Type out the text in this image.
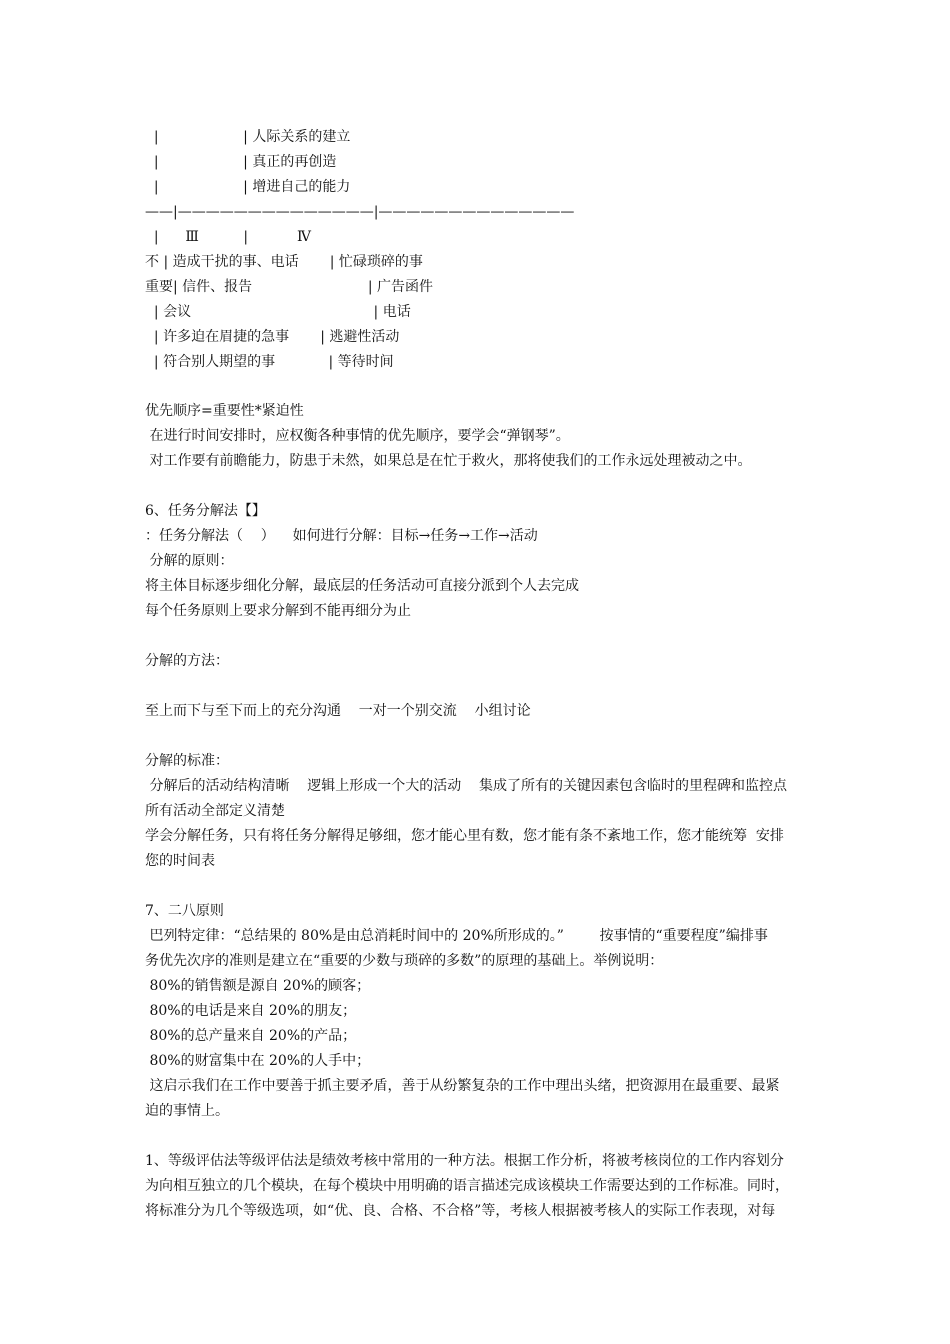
|                   | 人际关系的建立
|                   | 真正的再创造
|                   | 增进自己的能力
——|——————————————|——————————————
|      Ⅲ          |           Ⅳ
不 | 造成干扰的事、电话       | 忙碌琐碎的事
重要| 信件、报告                          | 广告函件
| 会议                                         | 电话
| 许多迫在眉捷的急事       | 逃避性活动
| 符合别人期望的事            | 等待时间
优先顺序=重要性*紧迫性
在进行时间安排时，应权衡各种事情的优先顺序，要学会“弹钢琴”。
对工作要有前瞻能力，防患于未然，如果总是在忙于救火，那将使我们的工作永远处理被动之中。
6、任务分解法【】
：任务分解法（    ）    如何进行分解：目标→任务→工作→活动
分解的原则：
将主体目标逐步细化分解，最底层的任务活动可直接分派到个人去完成
每个任务原则上要求分解到不能再细分为止
分解的方法：
至上而下与至下而上的充分沟通    一对一个别交流    小组讨论
分解的标准：
分解后的活动结构清晰    逻辑上形成一个大的活动    集成了所有的关键因素包含临时的里程碑和监控点
所有活动全部定义清楚
学会分解任务，只有将任务分解得足够细，您才能心里有数，您才能有条不紊地工作，您才能统筹  安排
您的时间表
7、二八原则
巴列特定律：“总结果的 80%是由总消耗时间中的 20%所形成的。”        按事情的“重要程度”编排事
务优先次序的准则是建立在“重要的少数与琐碎的多数”的原理的基础上。举例说明：
80%的销售额是源自 20%的顾客；
80%的电话是来自 20%的朋友；
80%的总产量来自 20%的产品；
80%的财富集中在 20%的人手中；
这启示我们在工作中要善于抓主要矛盾，善于从纷繁复杂的工作中理出头绪，把资源用在最重要、最紧
迫的事情上。
1、等级评估法等级评估法是绩效考核中常用的一种方法。根据工作分析，将被考核岗位的工作内容划分
为向相互独立的几个模块，在每个模块中用明确的语言描述完成该模块工作需要达到的工作标准。同时，
将标准分为几个等级选项，如“优、良、合格、不合格”等，考核人根据被考核人的实际工作表现，对每
